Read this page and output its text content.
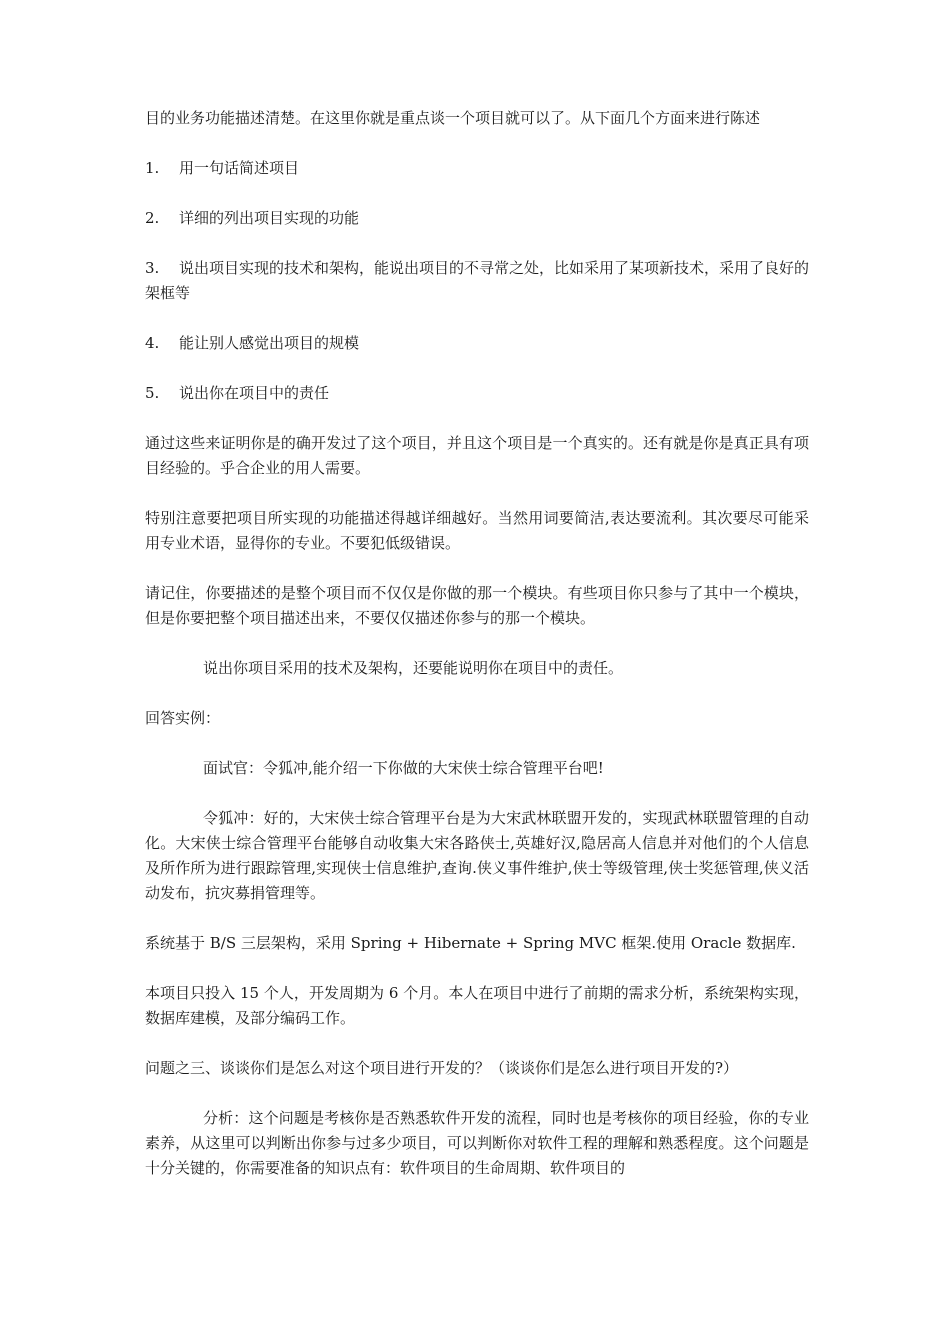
目的业务功能描述清楚。在这里你就是重点谈一个项目就可以了。从下面几个方面来进行陈述

1. 用一句话简述项目
2. 详细的列出项目实现的功能
3. 说出项目实现的技术和架构，能说出项目的不寻常之处，比如采用了某项新技术，采用了良好的架框等
4. 能让别人感觉出项目的规模
5. 说出你在项目中的责任

通过这些来证明你是的确开发过了这个项目，并且这个项目是一个真实的。还有就是你是真正具有项目经验的。乎合企业的用人需要。

特别注意要把项目所实现的功能描述得越详细越好。当然用词要简洁,表达要流利。其次要尽可能采用专业术语，显得你的专业。不要犯低级错误。

请记住，你要描述的是整个项目而不仅仅是你做的那一个模块。有些项目你只参与了其中一个模块，但是你要把整个项目描述出来，不要仅仅描述你参与的那一个模块。

说出你项目采用的技术及架构，还要能说明你在项目中的责任。

回答实例：

面试官：令狐冲,能介绍一下你做的大宋侠士综合管理平台吧!

令狐冲：好的，大宋侠士综合管理平台是为大宋武林联盟开发的，实现武林联盟管理的自动化。大宋侠士综合管理平台能够自动收集大宋各路侠士,英雄好汉,隐居高人信息并对他们的个人信息及所作所为进行跟踪管理,实现侠士信息维护,查询.侠义事件维护,侠士等级管理,侠士奖惩管理,侠义活动发布，抗灾募捐管理等。

系统基于 B/S 三层架构，采用 Spring + Hibernate + Spring MVC 框架.使用 Oracle 数据库.

本项目只投入 15 个人，开发周期为 6 个月。本人在项目中进行了前期的需求分析，系统架构实现，数据库建模，及部分编码工作。

问题之三、谈谈你们是怎么对这个项目进行开发的？（谈谈你们是怎么进行项目开发的?）

分析：这个问题是考核你是否熟悉软件开发的流程，同时也是考核你的项目经验，你的专业素养，从这里可以判断出你参与过多少项目，可以判断你对软件工程的理解和熟悉程度。这个问题是十分关键的，你需要准备的知识点有：软件项目的生命周期、软件项目的
